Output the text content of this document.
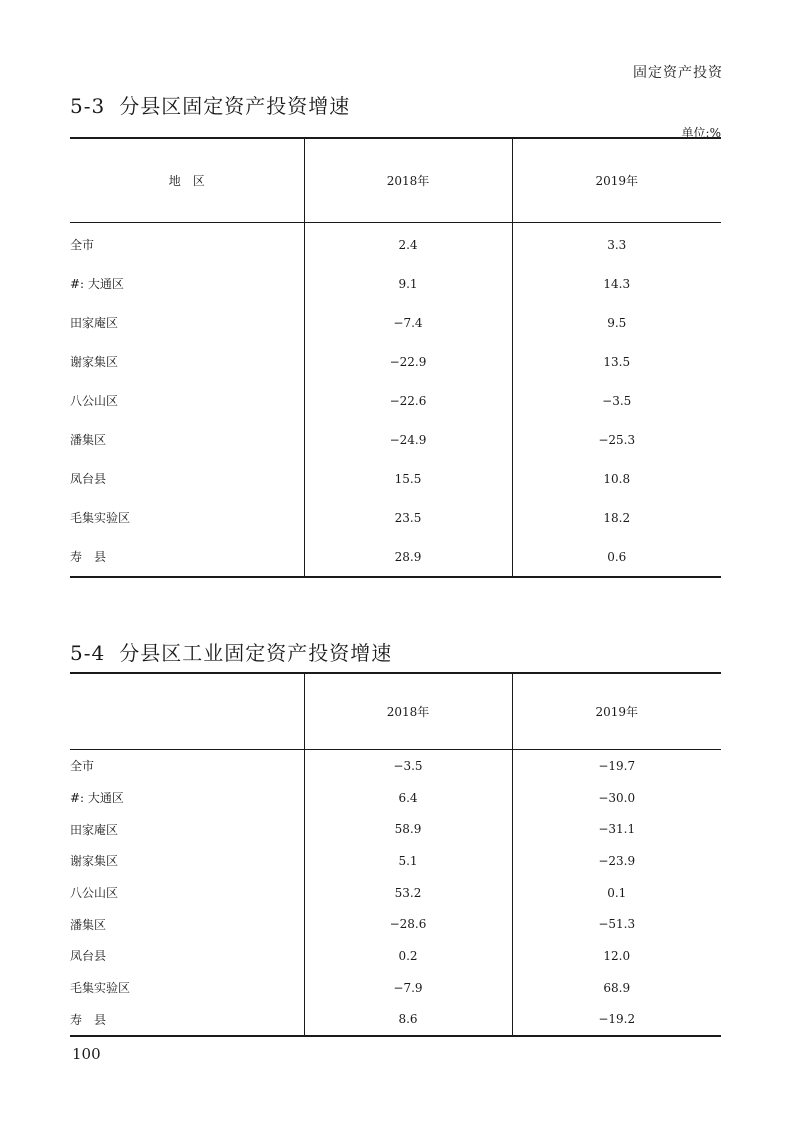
固定资产投资
5-3 分县区固定资产投资增速
单位:%
地　区	2018年	2019年
全市	2.4	3.3
#: 大通区	9.1	14.3
田家庵区	−7.4	9.5
谢家集区	−22.9	13.5
八公山区	−22.6	−3.5
潘集区	−24.9	−25.3
凤台县	15.5	10.8
毛集实验区	23.5	18.2
寿　县	28.9	0.6
5-4 分县区工业固定资产投资增速
	2018年	2019年
全市	−3.5	−19.7
#: 大通区	6.4	−30.0
田家庵区	58.9	−31.1
谢家集区	5.1	−23.9
八公山区	53.2	0.1
潘集区	−28.6	−51.3
凤台县	0.2	12.0
毛集实验区	−7.9	68.9
寿　县	8.6	−19.2
100
